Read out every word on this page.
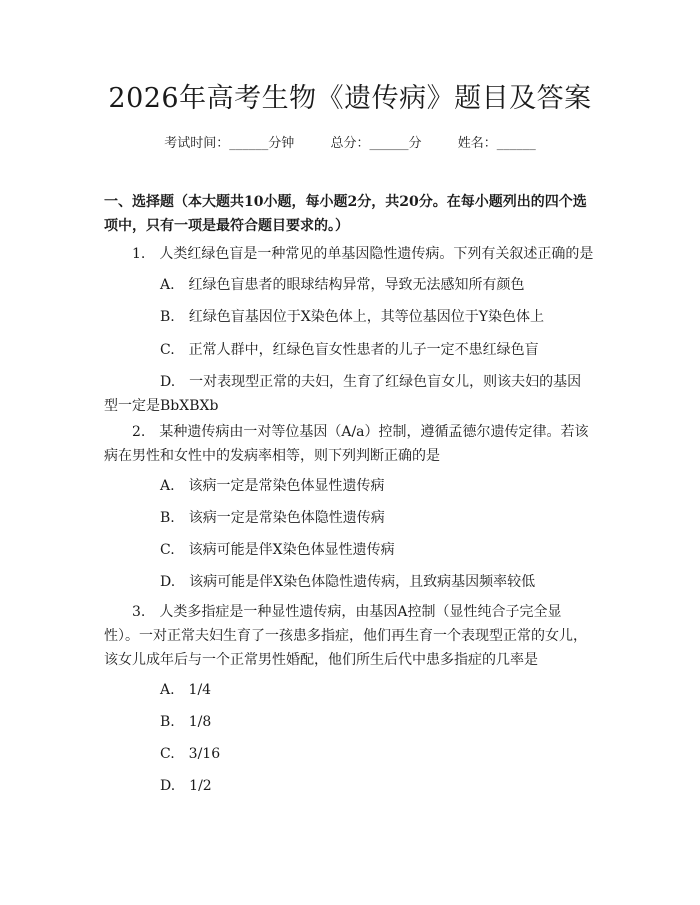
2026年高考生物《遗传病》题目及答案
考试时间：______分钟	总分：______分	姓名：______
一、选择题（本大题共10小题，每小题2分，共20分。在每小题列出的四个选项中，只有一项是最符合题目要求的。）
1.　人类红绿色盲是一种常见的单基因隐性遗传病。下列有关叙述正确的是
A.　红绿色盲患者的眼球结构异常，导致无法感知所有颜色
B.　红绿色盲基因位于X染色体上，其等位基因位于Y染色体上
C.　正常人群中，红绿色盲女性患者的儿子一定不患红绿色盲
D.　一对表现型正常的夫妇，生育了红绿色盲女儿，则该夫妇的基因型一定是BbXBXb
2.　某种遗传病由一对等位基因（A/a）控制，遵循孟德尔遗传定律。若该病在男性和女性中的发病率相等，则下列判断正确的是
A.　该病一定是常染色体显性遗传病
B.　该病一定是常染色体隐性遗传病
C.　该病可能是伴X染色体显性遗传病
D.　该病可能是伴X染色体隐性遗传病，且致病基因频率较低
3.　人类多指症是一种显性遗传病，由基因A控制（显性纯合子完全显性）。一对正常夫妇生育了一孩患多指症，他们再生育一个表现型正常的女儿，该女儿成年后与一个正常男性婚配，他们所生后代中患多指症的几率是
A.　1/4
B.　1/8
C.　3/16
D.　1/2
